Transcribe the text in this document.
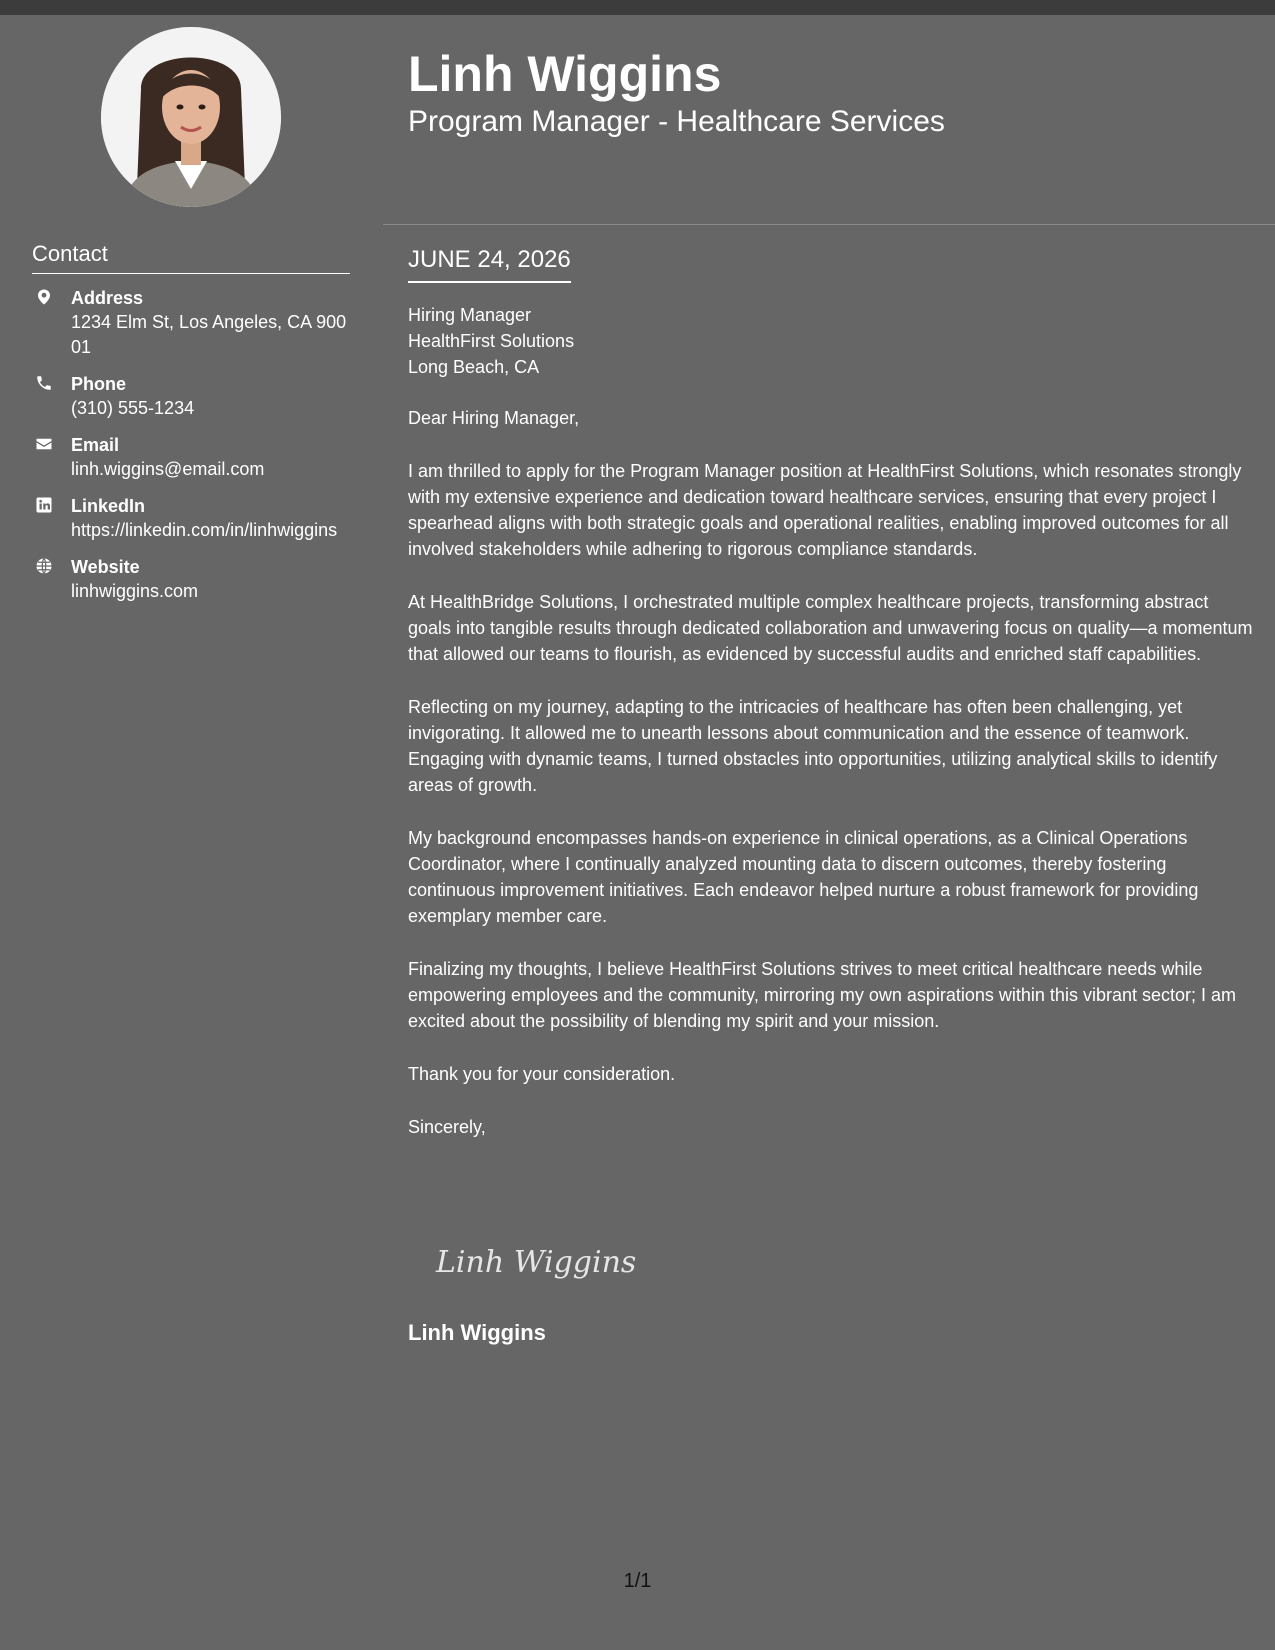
Linh Wiggins
Program Manager - Healthcare Services
Contact
Address
1234 Elm St, Los Angeles, CA 90001
Phone
(310) 555-1234
Email
linh.wiggins@email.com
LinkedIn
https://linkedin.com/in/linhwiggins
Website
linhwiggins.com
JUNE 24, 2026
Hiring Manager
HealthFirst Solutions
Long Beach, CA

Dear Hiring Manager,

I am thrilled to apply for the Program Manager position at HealthFirst Solutions, which resonates strongly with my extensive experience and dedication toward healthcare services, ensuring that every project I spearhead aligns with both strategic goals and operational realities, enabling improved outcomes for all involved stakeholders while adhering to rigorous compliance standards.

At HealthBridge Solutions, I orchestrated multiple complex healthcare projects, transforming abstract goals into tangible results through dedicated collaboration and unwavering focus on quality—a momentum that allowed our teams to flourish, as evidenced by successful audits and enriched staff capabilities.

Reflecting on my journey, adapting to the intricacies of healthcare has often been challenging, yet invigorating. It allowed me to unearth lessons about communication and the essence of teamwork. Engaging with dynamic teams, I turned obstacles into opportunities, utilizing analytical skills to identify areas of growth.

My background encompasses hands-on experience in clinical operations, as a Clinical Operations Coordinator, where I continually analyzed mounting data to discern outcomes, thereby fostering continuous improvement initiatives. Each endeavor helped nurture a robust framework for providing exemplary member care.

Finalizing my thoughts, I believe HealthFirst Solutions strives to meet critical healthcare needs while empowering employees and the community, mirroring my own aspirations within this vibrant sector; I am excited about the possibility of blending my spirit and your mission.

Thank you for your consideration.

Sincerely,

Linh Wiggins
Linh Wiggins
1/1
